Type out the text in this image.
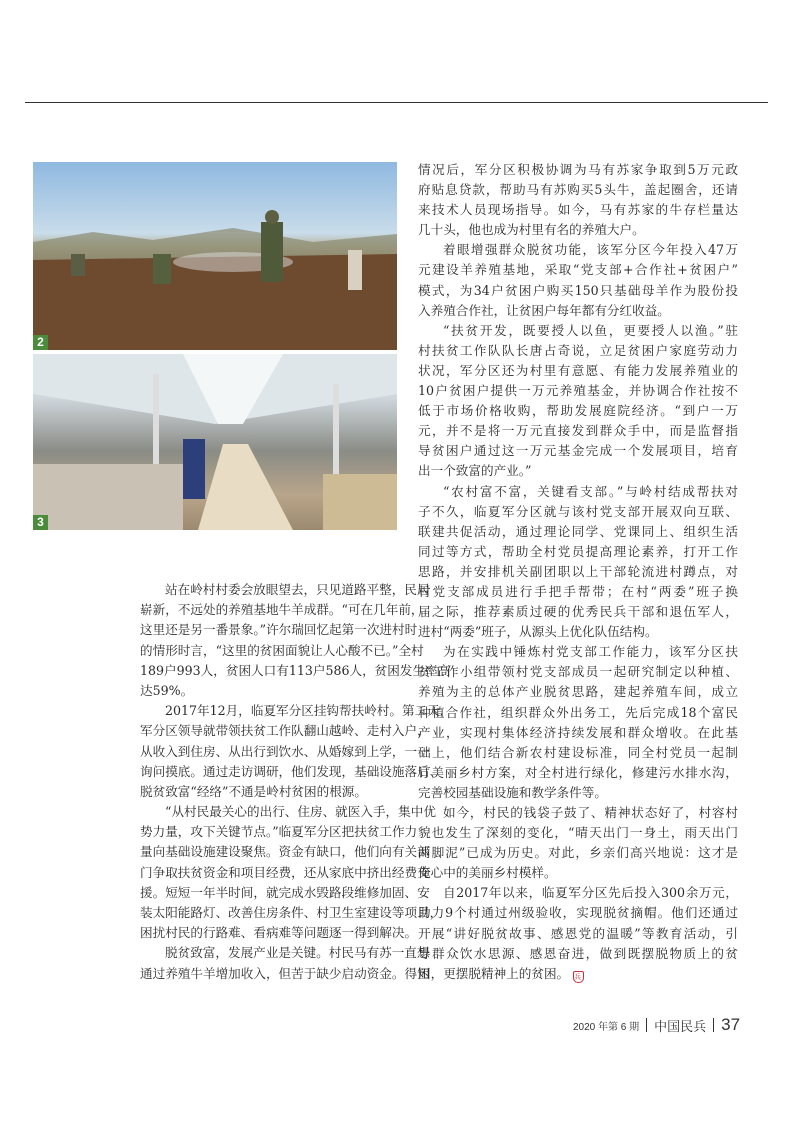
2
3
站在岭村村委会放眼望去，只见道路平整，民居
崭新，不远处的养殖基地牛羊成群。“可在几年前，
这里还是另一番景象。”许尔瑞回忆起第一次进村时
的情形时言，“这里的贫困面貌让人心酸不已。”全村
189户993人，贫困人口有113户586人，贫困发生率高
达59%。
2017年12月，临夏军分区挂钩帮扶岭村。第二天，
军分区领导就带领扶贫工作队翻山越岭、走村入户，
从收入到住房、从出行到饮水、从婚嫁到上学，一一
询问摸底。通过走访调研，他们发现，基础设施落后、
脱贫致富“经络”不通是岭村贫困的根源。
“从村民最关心的出行、住房、就医入手，集中优
势力量，攻下关键节点。”临夏军分区把扶贫工作力
量向基础设施建设聚焦。资金有缺口，他们向有关部
门争取扶贫资金和项目经费，还从家底中挤出经费支
援。短短一年半时间，就完成水毁路段维修加固、安
装太阳能路灯、改善住房条件、村卫生室建设等项目，
困扰村民的行路难、看病难等问题逐一得到解决。
脱贫致富，发展产业是关键。村民马有苏一直想
通过养殖牛羊增加收入，但苦于缺少启动资金。得知
情况后，军分区积极协调为马有苏家争取到5万元政
府贴息贷款，帮助马有苏购买5头牛，盖起圈舍，还请
来技术人员现场指导。如今，马有苏家的牛存栏量达
几十头，他也成为村里有名的养殖大户。
着眼增强群众脱贫功能，该军分区今年投入47万
元建设羊养殖基地，采取“党支部+合作社+贫困户”
模式，为34户贫困户购买150只基础母羊作为股份投
入养殖合作社，让贫困户每年都有分红收益。
“扶贫开发，既要授人以鱼，更要授人以渔。”驻
村扶贫工作队队长唐占奇说，立足贫困户家庭劳动力
状况，军分区还为村里有意愿、有能力发展养殖业的
10户贫困户提供一万元养殖基金，并协调合作社按不
低于市场价格收购，帮助发展庭院经济。“到户一万
元，并不是将一万元直接发到群众手中，而是监督指
导贫困户通过这一万元基金完成一个发展项目，培育
出一个致富的产业。”
“农村富不富，关键看支部。”与岭村结成帮扶对
子不久，临夏军分区就与该村党支部开展双向互联、
联建共促活动，通过理论同学、党课同上、组织生活
同过等方式，帮助全村党员提高理论素养，打开工作
思路，并安排机关副团职以上干部轮流进村蹲点，对
村党支部成员进行手把手帮带；在村“两委”班子换
届之际，推荐素质过硬的优秀民兵干部和退伍军人，
进村“两委”班子，从源头上优化队伍结构。
为在实践中锤炼村党支部工作能力，该军分区扶
贫工作小组带领村党支部成员一起研究制定以种植、
养殖为主的总体产业脱贫思路，建起养殖车间，成立
种植合作社，组织群众外出务工，先后完成18个富民
产业，实现村集体经济持续发展和群众增收。在此基
础上，他们结合新农村建设标准，同全村党员一起制
订美丽乡村方案，对全村进行绿化，修建污水排水沟，
完善校园基础设施和教学条件等。
如今，村民的钱袋子鼓了、精神状态好了，村容村
貌也发生了深刻的变化，“晴天出门一身土，雨天出门
两脚泥”已成为历史。对此，乡亲们高兴地说：这才是
俺心中的美丽乡村模样。
自2017年以来，临夏军分区先后投入300余万元，
助力9个村通过州级验收，实现脱贫摘帽。他们还通过
开展“讲好脱贫故事、感恩党的温暖”等教育活动，引
导群众饮水思源、感恩奋进，做到既摆脱物质上的贫
困，更摆脱精神上的贫困。 兵
2020 年第 6 期 中国民兵 37
